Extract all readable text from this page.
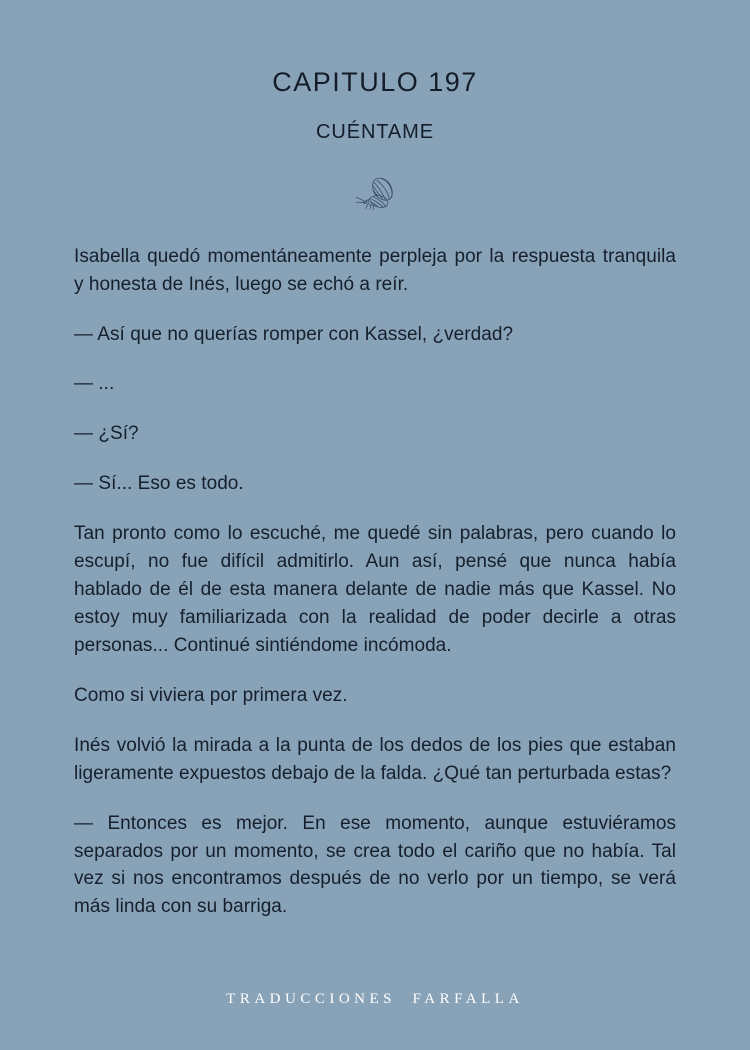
CAPITULO 197
CUÉNTAME

Isabella quedó momentáneamente perpleja por la respuesta tranquila y honesta de Inés, luego se echó a reír.

— Así que no querías romper con Kassel, ¿verdad?

— ...

— ¿Sí?

— Sí... Eso es todo.

Tan pronto como lo escuché, me quedé sin palabras, pero cuando lo escupí, no fue difícil admitirlo. Aun así, pensé que nunca había hablado de él de esta manera delante de nadie más que Kassel. No estoy muy familiarizada con la realidad de poder decirle a otras personas... Continué sintiéndome incómoda.

Como si viviera por primera vez.

Inés volvió la mirada a la punta de los dedos de los pies que estaban ligeramente expuestos debajo de la falda. ¿Qué tan perturbada estas?

— Entonces es mejor. En ese momento, aunque estuviéramos separados por un momento, se crea todo el cariño que no había. Tal vez si nos encontramos después de no verlo por un tiempo, se verá más linda con su barriga.

TRADUCCIONES  FARFALLA
